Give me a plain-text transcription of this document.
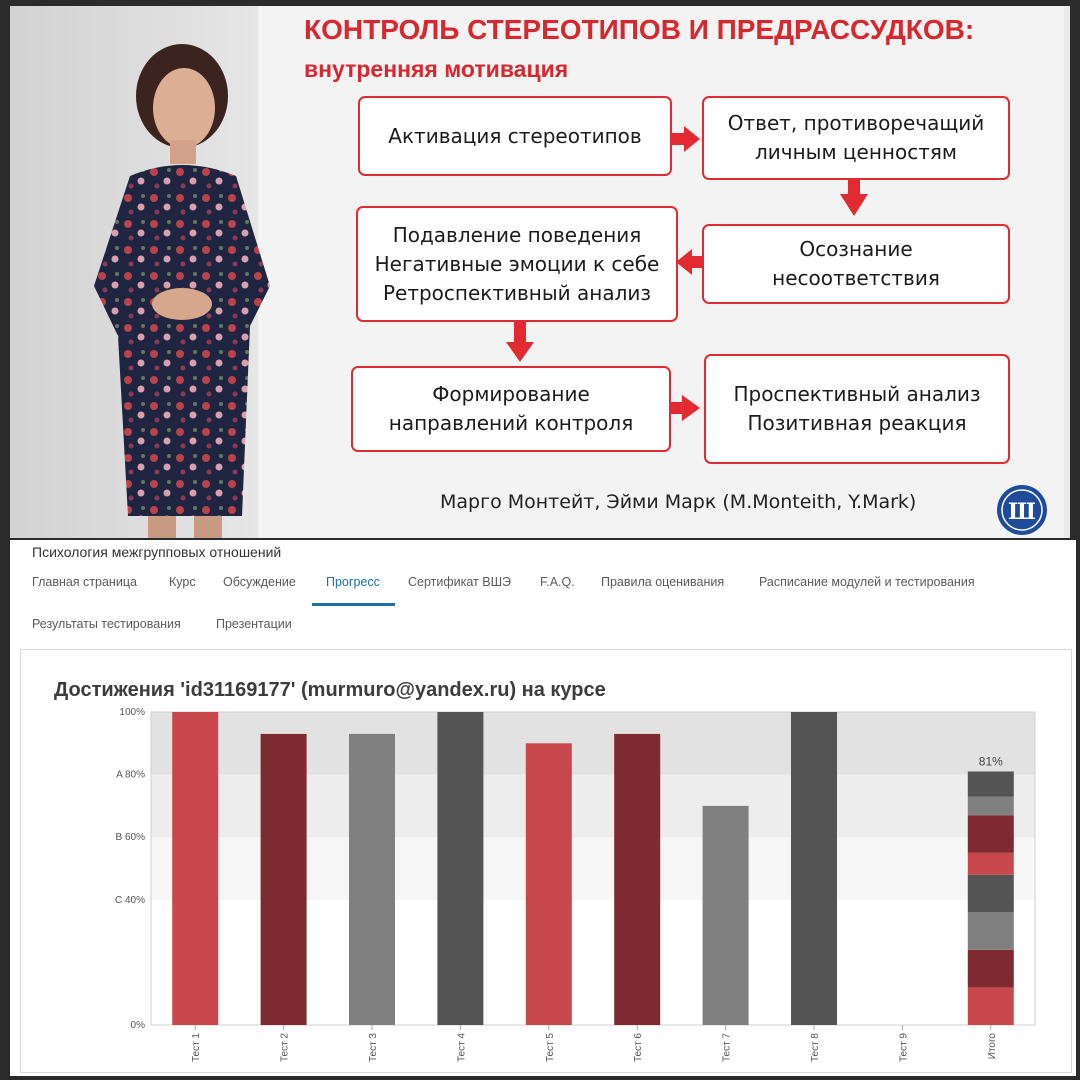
КОНТРОЛЬ СТЕРЕОТИПОВ И ПРЕДРАССУДКОВ:
внутренняя мотивация
Активация стереотипов
Ответ, противоречащий
личным ценностям
Подавление поведения
Негативные эмоции к себе
Ретроспективный анализ
Осознание
несоответствия
Формирование
направлений контроля
Проспективный анализ
Позитивная реакция
Ш
Марго Монтейт, Эйми Марк (M.Monteith, Y.Mark)
Психология межгрупповых отношений
Главная страница	Курс Обсуждение Прогресс Сертификат ВШЭ F.A.Q. Правила оценивания	Расписание модулей и тестирования
Результаты тестирования	Презентации
Достижения 'id31169177' (murmuro@yandex.ru) на курсе
0%
C 40%
B 60%
A 80%
100%
Тест 1	Тест 2	Тест 3	Тест 4	Тест 5	Тест 6	Тест 7	Тест 8	Тест 9
81%
Итого
